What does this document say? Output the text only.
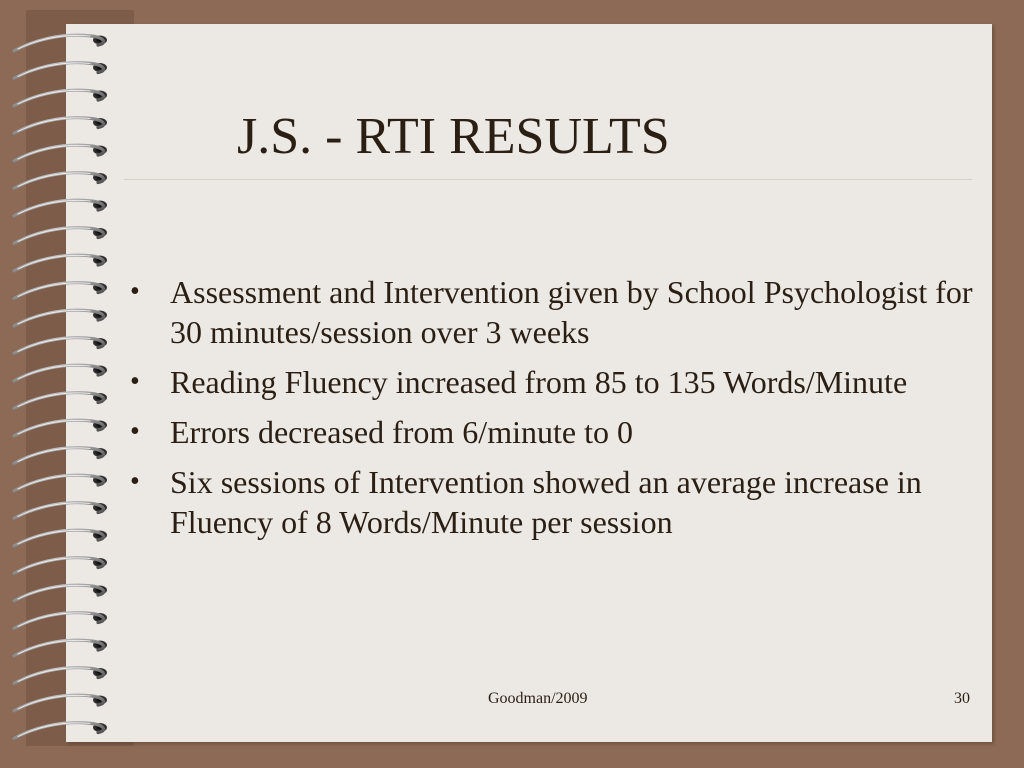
J.S. - RTI RESULTS
• Assessment and Intervention given by School Psychologist for 30 minutes/session over 3 weeks
• Reading Fluency increased from 85 to 135 Words/Minute
• Errors decreased from 6/minute to 0
• Six sessions of Intervention showed an average increase in Fluency of 8 Words/Minute per session
Goodman/2009	30
